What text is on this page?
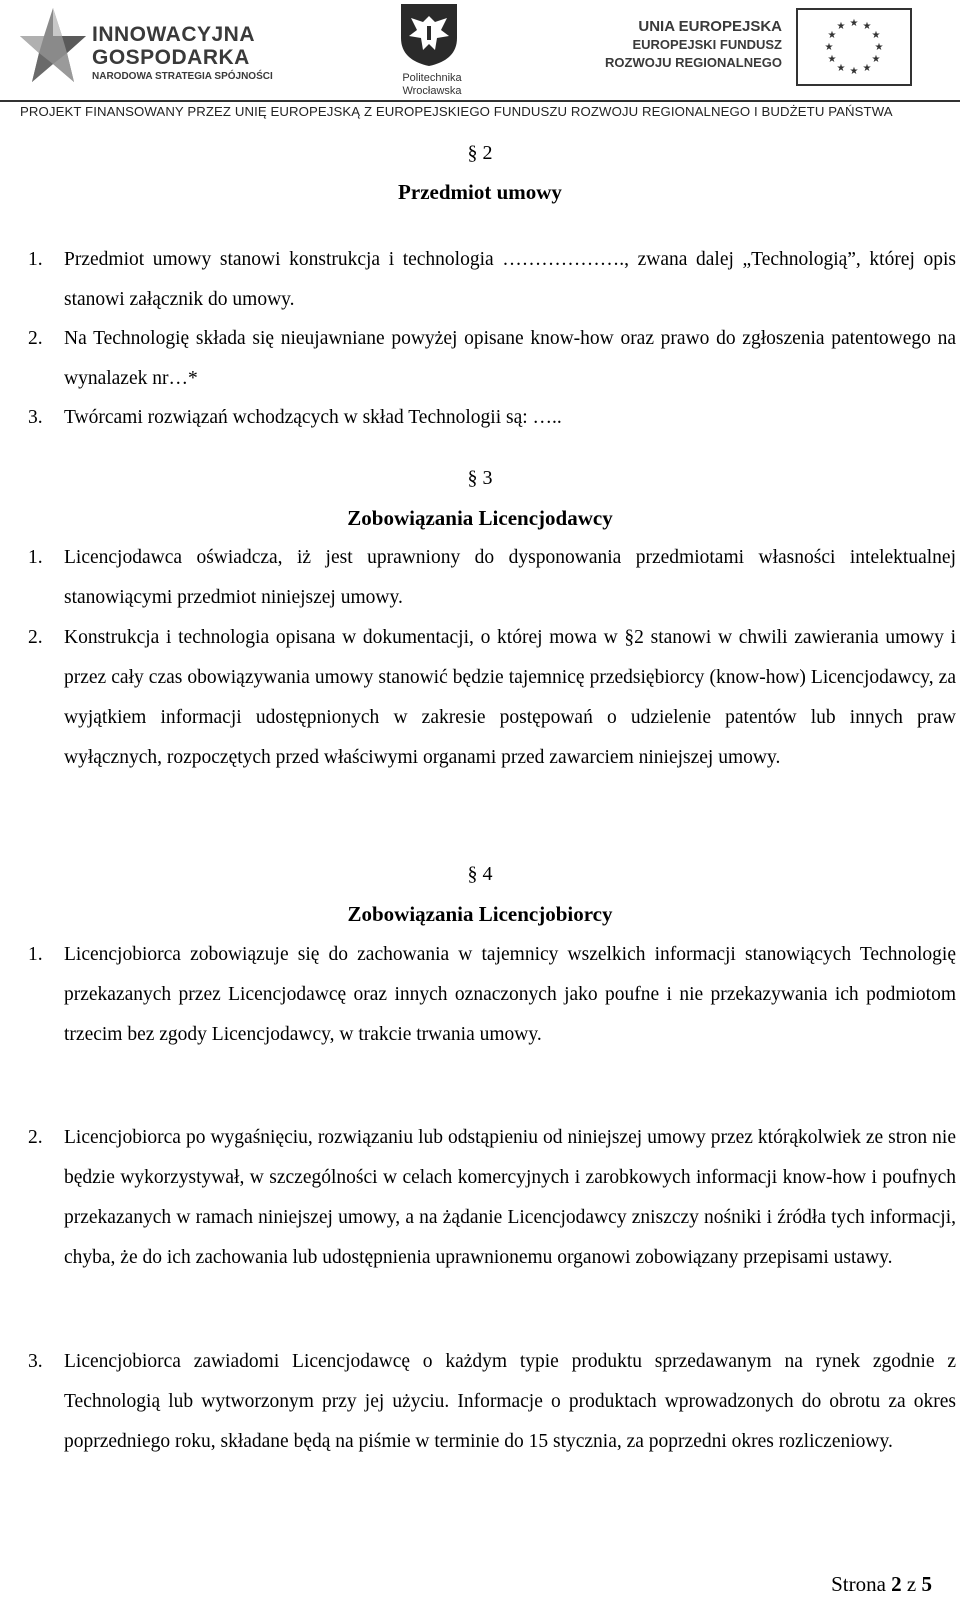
INNOWACYJNA
GOSPODARKA
NARODOWA STRATEGIA SPÓJNOŚCI	Politechnika
Wrocławska
UNIA EUROPEJSKA
EUROPEJSKI FUNDUSZ
ROZWOJU REGIONALNEGO
★ ★
★
★
★
★
★
★
★
★
★
★
PROJEKT FINANSOWANY PRZEZ UNIĘ EUROPEJSKĄ Z EUROPEJSKIEGO FUNDUSZU ROZWOJU REGIONALNEGO I BUDŻETU PAŃSTWA
§ 2
Przedmiot umowy
1. Przedmiot umowy stanowi konstrukcja i technologia ………………., zwana dalej „Technologią”, której opis stanowi załącznik do umowy.
2. Na Technologię składa się nieujawniane powyżej opisane know-how oraz prawo do zgłoszenia patentowego na wynalazek nr…*
3. Twórcami rozwiązań wchodzących w skład Technologii są: …..
§ 3
Zobowiązania Licencjodawcy
1. Licencjodawca oświadcza, iż jest uprawniony do dysponowania przedmiotami własności intelektualnej stanowiącymi przedmiot niniejszej umowy.
2. Konstrukcja i technologia opisana w dokumentacji, o której mowa w §2 stanowi w chwili zawierania umowy i przez cały czas obowiązywania umowy stanowić będzie tajemnicę przedsiębiorcy (know-how) Licencjodawcy, za wyjątkiem informacji udostępnionych w zakresie postępowań o udzielenie patentów lub innych praw wyłącznych, rozpoczętych przed właściwymi organami przed zawarciem niniejszej umowy.
§ 4
Zobowiązania Licencjobiorcy
1. Licencjobiorca zobowiązuje się do zachowania w tajemnicy wszelkich informacji stanowiących Technologię przekazanych przez Licencjodawcę oraz innych oznaczonych jako poufne i nie przekazywania ich podmiotom trzecim bez zgody Licencjodawcy, w trakcie trwania umowy.
2. Licencjobiorca po wygaśnięciu, rozwiązaniu lub odstąpieniu od niniejszej umowy przez którąkolwiek ze stron nie będzie wykorzystywał, w szczególności w celach komercyjnych i zarobkowych informacji know-how i poufnych przekazanych w ramach niniejszej umowy, a na żądanie Licencjodawcy zniszczy nośniki i źródła tych informacji, chyba, że do ich zachowania lub udostępnienia uprawnionemu organowi zobowiązany przepisami ustawy.
3. Licencjobiorca zawiadomi Licencjodawcę o każdym typie produktu sprzedawanym na rynek zgodnie z Technologią lub wytworzonym przy jej użyciu. Informacje o produktach wprowadzonych do obrotu za okres poprzedniego roku, składane będą na piśmie w terminie do 15 stycznia, za poprzedni okres rozliczeniowy.
Strona 2 z 5
